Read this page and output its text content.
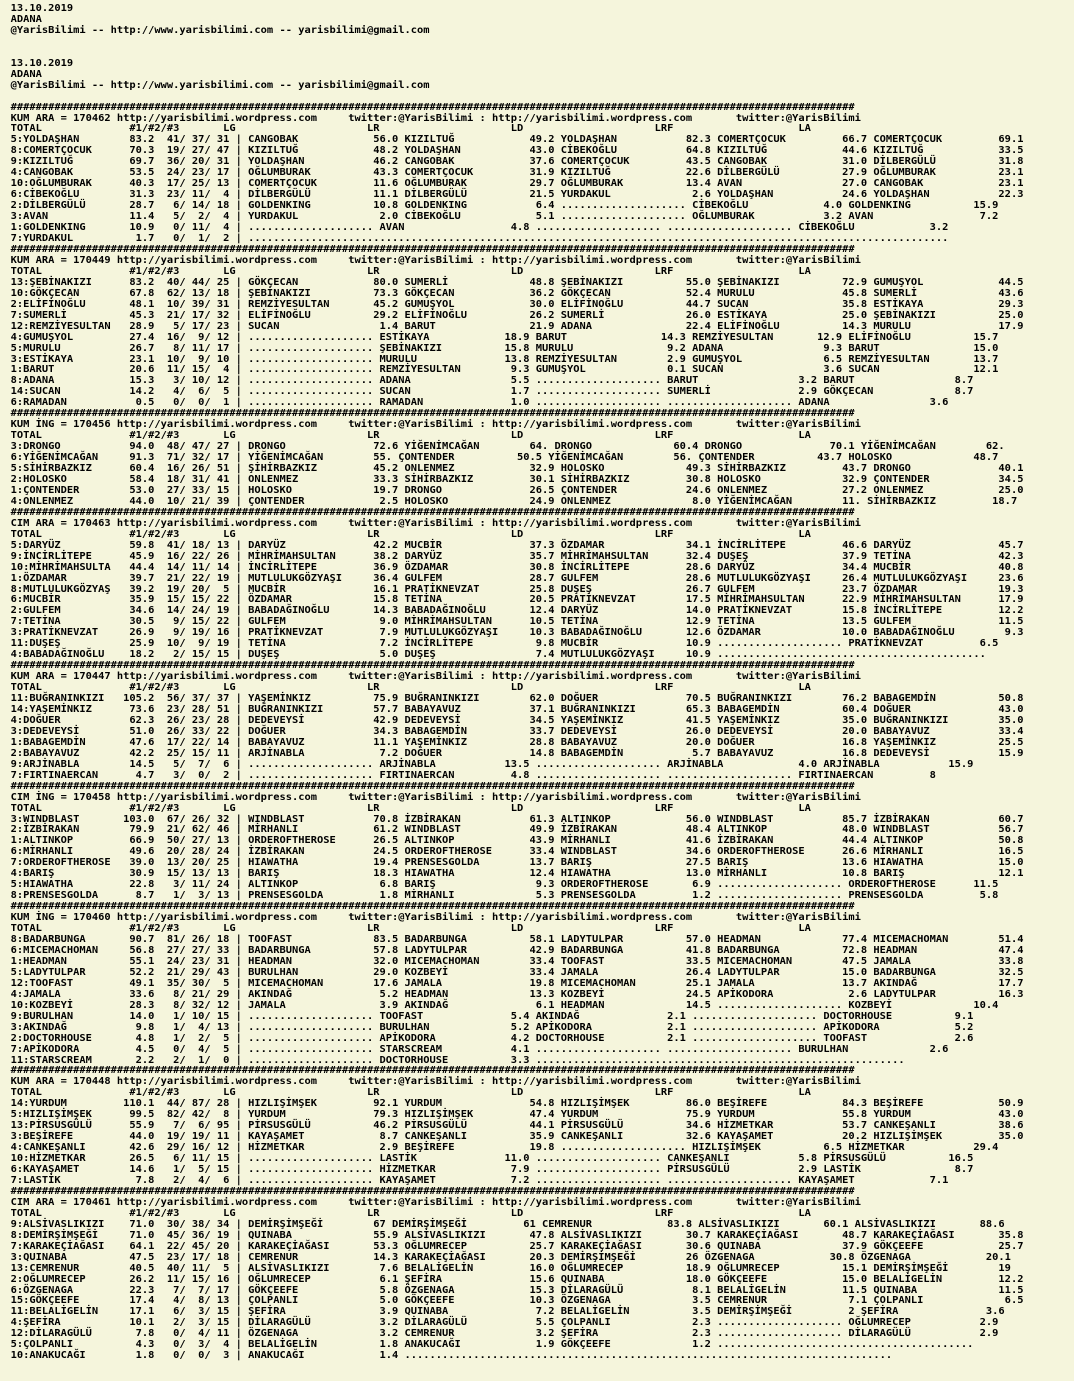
13.10.2019
ADANA
@YarisBilimi -- http://www.yarisbilimi.com -- yarisbilimi@gmail.com

13.10.2019
ADANA
@YarisBilimi -- http://www.yarisbilimi.com -- yarisbilimi@gmail.com

#######################################################################################################################################
KUM ARA = 170462 http://yarisbilimi.wordpress.com     twitter:@YarisBilimi : http://yarisbilimi.wordpress.com       twitter:@YarisBilimi
TOTAL              #1/#2/#3       LG                     LR                     LD                     LRF                    LA
5:YOLDAŞHAN        83.2  41/ 37/ 31 | CANGOBAK            56.0 KIZILTUĞ            49.2 YOLDAŞHAN           82.3 COMERTÇOCUK         66.7 COMERTÇOCUK         69.1
8:COMERTÇOCUK      70.3  19/ 27/ 47 | KIZILTUĞ            48.2 YOLDAŞHAN           43.0 CİBEKOĞLU           64.8 KIZILTUĞ            44.6 KIZILTUĞ            33.5
9:KIZILTUĞ         69.7  36/ 20/ 31 | YOLDAŞHAN           46.2 CANGOBAK            37.6 COMERTÇOCUK         43.5 CANGOBAK            31.0 DİLBERGÜLÜ          31.8
4:CANGOBAK         53.5  24/ 23/ 17 | OĞLUMBURAK          43.3 COMERTÇOCUK         31.9 KIZILTUĞ            22.6 DİLBERGÜLÜ          27.9 OĞLUMBURAK          23.1
10:OĞLUMBURAK      40.3  17/ 25/ 13 | COMERTÇOCUK         11.6 OĞLUMBURAK          29.7 OĞLUMBURAK          13.4 AVAN                27.0 CANGOBAK            23.1
6:CİBEKOĞLU        31.3  23/ 11/  4 | DİLBERGÜLÜ          11.1 DİLBERGÜLÜ          21.5 YURDAKUL             2.6 YOLDAŞHAN           24.6 YOLDAŞHAN           22.3
2:DİLBERGÜLÜ       28.7   6/ 14/ 18 | GOLDENKING          10.8 GOLDENKING           6.4 .................... CİBEKOĞLU            4.0 GOLDENKING          15.9
3:AVAN             11.4   5/  2/  4 | YURDAKUL             2.0 CİBEKOĞLU            5.1 .................... OĞLUMBURAK           3.2 AVAN                 7.2
1:GOLDENKING       10.9   0/ 11/  4 | .................... AVAN                 4.8 .................... .................... CİBEKOĞLU            3.2
7:YURDAKUL          1.7   0/  1/  2 | ................................................................................................................
#######################################################################################################################################
KUM ARA = 170449 http://yarisbilimi.wordpress.com     twitter:@YarisBilimi : http://yarisbilimi.wordpress.com       twitter:@YarisBilimi
TOTAL              #1/#2/#3       LG                     LR                     LD                     LRF                    LA
13:ŞEBİNAKIZI      83.2  40/ 44/ 25 | GÖKÇECAN            80.0 SUMERLİ             48.8 ŞEBİNAKIZI          55.0 ŞEBİNAKIZI          72.9 GUMUŞYOL            44.5
10:GÖKÇECAN        67.8  62/ 13/ 18 | ŞEBİNAKIZI          73.3 GÖKÇECAN            36.2 GÖKÇECAN            52.4 MURULU              45.8 SUMERLİ             43.6
2:ELİFİNOĞLU       48.1  10/ 39/ 31 | REMZİYESULTAN       45.2 GUMUŞYOL            30.0 ELİFİNOĞLU          44.7 SUCAN               35.8 ESTİKAYA            29.3
7:SUMERLİ          45.3  21/ 17/ 32 | ELİFİNOĞLU          29.2 ELİFİNOĞLU          26.2 SUMERLİ             26.0 ESTİKAYA            25.0 ŞEBİNAKIZI          25.0
12:REMZİYESULTAN   28.9   5/ 17/ 23 | SUCAN                1.4 BARUT               21.9 ADANA               22.4 ELİFİNOĞLU          14.3 MURULU              17.9
4:GUMUŞYOL         27.4  16/  9/ 12 | .................... ESTİKAYA            18.9 BARUT               14.3 REMZİYESULTAN       12.9 ELİFİNOĞLU          15.7
5:MURULU           26.7   8/ 11/ 17 | .................... ŞEBİNAKIZI          15.8 MURULU               9.2 ADANA                9.3 BARUT               15.0
3:ESTİKAYA         23.1  10/  9/ 10 | .................... MURULU              13.8 REMZİYESULTAN        2.9 GUMUŞYOL             6.5 REMZİYESULTAN       13.7
1:BARUT            20.6  11/ 15/  4 | .................... REMZİYESULTAN        9.3 GUMUŞYOL             0.1 SUCAN                3.6 SUCAN               12.1
8:ADANA            15.3   3/ 10/ 12 | .................... ADANA                5.5 .................... BARUT                3.2 BARUT                8.7
14:SUCAN           14.2   4/  6/  5 | .................... SUCAN                1.7 .................... SUMERLİ              2.9 GÖKÇECAN             8.7
6:RAMADAN           0.5   0/  0/  1 | .................... RAMADAN              1.0 .................... .................... ADANA                3.6
#######################################################################################################################################
KUM İNG = 170456 http://yarisbilimi.wordpress.com     twitter:@YarisBilimi : http://yarisbilimi.wordpress.com       twitter:@YarisBilimi
TOTAL              #1/#2/#3       LG                     LR                     LD                     LRF                    LA
3:DRONGO           94.0  48/ 47/ 27 | DRONGO              72.6 YİĞENİMCAĞAN        64. DRONGO             60.4 DRONGO              70.1 YİĞENİMCAĞAN        62.
6:YİĞENİMCAĞAN     91.3  71/ 32/ 17 | YİĞENİMCAĞAN        55. ÇONTENDER          50.5 YİĞENİMCAĞAN        56. ÇONTENDER          43.7 HOLOSKO             48.7
5:SİHİRBAZKIZ      60.4  16/ 26/ 51 | ŞİHİRBAZKIZ         45.2 ONLENMEZ            32.9 HOLOSKO             49.3 SİHİRBAZKIZ         43.7 DRONGO              40.1
2:HOLOSKO          58.4  18/ 31/ 41 | ONLENMEZ            33.3 SİHİRBAZKIZ         30.1 SİHİRBAZKIZ         30.8 HOLOSKO             32.9 ÇONTENDER           34.5
1:ÇONTENDER        53.0  27/ 33/ 15 | HOLOSKO             19.7 DRONGO              26.5 ÇONTENDER           24.6 ONLENMEZ            27.2 ONLENMEZ            25.0
4:ONLENMEZ         44.0  10/ 21/ 39 | ÇONTENDER            2.5 HOLOSKO             24.9 ONLENMEZ             8.0 YİĞENİMCAĞAN        11. SİHİRBAZKIZ         18.7
#######################################################################################################################################
CIM ARA = 170463 http://yarisbilimi.wordpress.com     twitter:@YarisBilimi : http://yarisbilimi.wordpress.com       twitter:@YarisBilimi
TOTAL              #1/#2/#3       LG                     LR                     LD                     LRF                    LA
5:DARYÜZ           59.8  41/ 18/ 13 | DARYÜZ              42.2 MUCBİR              37.3 ÖZDAMAR             34.1 İNCİRLİTEPE         46.6 DARYÜZ              45.7
9:İNCİRLİTEPE      45.9  16/ 22/ 26 | MİHRİMAHSULTAN      38.2 DARYÜZ              35.7 MİHRİMAHSULTAN      32.4 DUŞEŞ               37.9 TETİNA              42.3
10:MİHRİMAHSULTA   44.4  14/ 11/ 14 | İNCİRLİTEPE         36.9 ÖZDAMAR             30.8 İNCİRLİTEPE         28.6 DARYÜZ              34.4 MUCBİR              40.8
1:ÖZDAMAR          39.7  21/ 22/ 19 | MUTLULUKGÖZYAŞI     36.4 GULFEM              28.7 GULFEM              28.6 MUTLULUKGÖZYAŞI     26.4 MUTLULUKGÖZYAŞI     23.6
8:MUTLULUKGÖZYAŞ   39.2  19/ 20/  5 | MUCBİR              16.1 PRATİKNEVZAT        25.8 DUŞEŞ               26.7 GULFEM              23.7 ÖZDAMAR             19.3
6:MUCBİR           35.9  15/ 15/ 22 | ÖZDAMAR             15.8 TETİNA              20.5 PRATİKNEVZAT        17.5 MİHRİMAHSULTAN      22.9 MİHRİMAHSULTAN      17.9
2:GULFEM           34.6  14/ 24/ 19 | BABADAĞINOĞLU       14.3 BABADAĞINOĞLU       12.4 DARYÜZ              14.0 PRATİKNEVZAT        15.8 İNCİRLİTEPE         12.2
7:TETİNA           30.5   9/ 15/ 22 | GULFEM               9.0 MİHRİMAHSULTAN      10.5 TETİNA              12.9 TETİNA              13.5 GULFEM              11.5
3:PRATİKNEVZAT     26.9   9/ 19/ 16 | PRATİKNEVZAT         7.9 MUTLULUKGÖZYAŞI     10.3 BABADAĞINOĞLU       12.6 ÖZDAMAR             10.0 BABADAĞINOĞLU        9.3
11:DUŞEŞ           25.9  10/  9/ 19 | TETİNA               7.2 İNCİRLİTEPE          9.8 MUCBİR              10.9 .................... PRATİKNEVZAT         6.5
4:BABADAĞINOĞLU    18.2   2/ 15/ 15 | DUŞEŞ                5.0 DUŞEŞ                7.4 MUTLULUKGÖZYAŞI     10.9 ...........................................
#######################################################################################################################################
KUM ARA = 170447 http://yarisbilimi.wordpress.com     twitter:@YarisBilimi : http://yarisbilimi.wordpress.com       twitter:@YarisBilimi
TOTAL              #1/#2/#3       LG                     LR                     LD                     LRF                    LA
11:BUĞRANINKIZI   105.2  56/ 37/ 37 | YAŞEMİNKIZ          75.9 BUĞRANINKIZI        62.0 DOĞUER              70.5 BUĞRANINKIZI        76.2 BABAGEMDİN          50.8
14:YAŞEMİNKIZ      73.6  23/ 28/ 51 | BUĞRANINKIZI        57.7 BABAYAVUZ           37.1 BUĞRANINKIZI        65.3 BABAGEMDİN          60.4 DOĞUER              43.0
4:DOĞUER           62.3  26/ 23/ 28 | DEDEVEYSİ           42.9 DEDEVEYSİ           34.5 YAŞEMİNKIZ          41.5 YAŞEMİNKIZ          35.0 BUĞRANINKIZI        35.0
3:DEDEVEYSİ        51.0  26/ 33/ 22 | DOĞUER              34.3 BABAGEMDİN          33.7 DEDEVEYSİ           26.0 DEDEVEYSİ           20.0 BABAYAVUZ           33.4
1:BABAGEMDİN       47.6  17/ 22/ 14 | BABAYAVUZ           11.1 YAŞEMİNKIZ          28.8 BABAYAVUZ           20.0 DOĞUER              16.8 YAŞEMİNKIZ          25.5
2:BABAYAVUZ        42.2  25/ 15/ 11 | ARJİNABLA            7.2 DOĞUER              14.8 BABAGEMDİN           5.7 BABAYAVUZ           16.8 DEDEVEYSİ           15.9
9:ARJİNABLA        14.5   5/  7/  6 | .................... ARJİNABLA           13.5 .................... ARJİNABLA            4.0 ARJİNABLA           15.9
7:FIRTINAERCAN      4.7   3/  0/  2 | .................... FIRTINAERCAN         4.8 .................... .................... FIRTINAERCAN         8
#######################################################################################################################################
CIM İNG = 170458 http://yarisbilimi.wordpress.com     twitter:@YarisBilimi : http://yarisbilimi.wordpress.com       twitter:@YarisBilimi
TOTAL              #1/#2/#3       LG                     LR                     LD                     LRF                    LA
3:WINDBLAST       103.0  67/ 26/ 32 | WINDBLAST           70.8 İZBİRAKAN           61.3 ALTINKOP            56.0 WINDBLAST           85.7 İZBİRAKAN           60.7
2:İZBİRAKAN        79.9  21/ 62/ 46 | MİRHANLI            61.2 WINDBLAST           49.9 İZBİRAKAN           48.4 ALTINKOP            48.0 WINDBLAST           56.7
1:ALTINKOP         66.9  50/ 27/ 13 | ORDEROFTHEROSE      26.5 ALTINKOP            43.9 MİRHANLI            41.6 İZBİRAKAN           44.4 ALTINKOP            50.8
6:MİRHANLI         49.6  20/ 28/ 24 | İZBİRAKAN           24.5 ORDEROFTHEROSE      33.4 WINDBLAST           34.6 ORDEROFTHEROSE      26.6 MİRHANLI            16.5
7:ORDEROFTHEROSE   39.0  13/ 20/ 25 | HIAWATHA            19.4 PRENSESGOLDA        13.7 BARIŞ               27.5 BARIŞ               13.6 HIAWATHA            15.0
4:BARIŞ            30.9  15/ 13/ 13 | BARIŞ               18.3 HIAWATHA            12.4 HIAWATHA            13.0 MİRHANLI            10.8 BARIŞ               12.1
5:HIAWATHA         22.8   3/ 11/ 24 | ALTINKOP             6.8 BARIŞ                9.3 ORDEROFTHEROSE       6.9 .................... ORDEROFTHEROSE      11.5
8:PRENSESGOLDA      8.7   1/  3/ 13 | PRENSESGOLDA         1.8 MİRHANLI             5.3 PRENSESGOLDA         1.2 .................... PRENSESGOLDA         5.8
#######################################################################################################################################
KUM İNG = 170460 http://yarisbilimi.wordpress.com     twitter:@YarisBilimi : http://yarisbilimi.wordpress.com       twitter:@YarisBilimi
TOTAL              #1/#2/#3       LG                     LR                     LD                     LRF                    LA
8:BADARBUNGA       90.7  81/ 26/ 18 | TOOFAST             83.5 BADARBUNGA          58.1 LADYTULPAR          57.0 HEADMAN             77.4 MICEMACHOMAN        51.4
6:MICEMACHOMAN     56.8  27/ 27/ 33 | BADARBUNGA          57.8 LADYTULPAR          42.9 BADARBUNGA          41.8 BADARBUNGA          72.8 HEADMAN             47.4
1:HEADMAN          55.1  24/ 23/ 31 | HEADMAN             32.0 MICEMACHOMAN        33.4 TOOFAST             33.5 MICEMACHOMAN        47.5 JAMALA              33.8
5:LADYTULPAR       52.2  21/ 29/ 43 | BURULHAN            29.0 KOZBEYİ             33.4 JAMALA              26.4 LADYTULPAR          15.0 BADARBUNGA          32.5
12:TOOFAST         49.1  35/ 30/  5 | MICEMACHOMAN        17.6 JAMALA              19.8 MICEMACHOMAN        25.1 JAMALA              13.7 AKINDAĞ             17.7
4:JAMALA           33.6   8/ 21/ 29 | AKINDAĞ              5.2 HEADMAN             13.3 KOZBEYİ             24.5 APİKODORA            2.6 LADYTULPAR          16.3
10:KOZBEYİ         28.3   8/ 32/ 12 | JAMALA               3.9 AKINDAĞ              6.1 HEADMAN             14.5 .................... KOZBEYİ             10.4
9:BURULHAN         14.0   1/ 10/ 15 | .................... TOOFAST              5.4 AKINDAĞ              2.1 .................... DOCTORHOUSE          9.1
3:AKINDAĞ           9.8   1/  4/ 13 | .................... BURULHAN             5.2 APİKODORA            2.1 .................... APİKODORA            5.2
2:DOCTORHOUSE       4.8   1/  2/  5 | .................... APİKODORA            4.2 DOCTORHOUSE          2.1 .................... TOOFAST              2.6
7:APİKODORA         4.5   0/  4/  5 | .................... STARSCREAM           4.1 .................... .................... BURULHAN             2.6
11:STARSCREAM       2.2   2/  1/  0 | .................... DOCTORHOUSE          3.3 ...........................................................
#######################################################################################################################################
KUM ARA = 170448 http://yarisbilimi.wordpress.com     twitter:@YarisBilimi : http://yarisbilimi.wordpress.com       twitter:@YarisBilimi
TOTAL              #1/#2/#3       LG                     LR                     LD                     LRF                    LA
14:YURDUM         110.1  44/ 87/ 28 | HIZLIŞİMŞEK         92.1 YURDUM              54.8 HIZLIŞİMŞEK         86.0 BEŞİREFE            84.3 BEŞİREFE            50.9
5:HIZLIŞİMŞEK      99.5  82/ 42/  8 | YURDUM              79.3 HIZLIŞİMŞEK         47.4 YURDUM              75.9 YURDUM              55.8 YURDUM              43.0
13:PİRSUSGÜLÜ      55.9   7/  6/ 95 | PİRSUSGÜLÜ          46.2 PİRSUSGÜLÜ          44.1 PİRSUSGÜLÜ          34.6 HİZMETKAR           53.7 CANKEŞANLI          38.6
3:BEŞİREFE         44.0  19/ 19/ 11 | KAYAŞAMET            8.7 CANKEŞANLI          35.9 CANKEŞANLI          32.6 KAYAŞAMET           20.2 HIZLIŞİMŞEK         35.0
4:CANKEŞANLI       42.6  29/ 16/ 12 | HİZMETKAR            2.9 BEŞİREFE            19.8 .................... HIZLIŞİMŞEK          6.5 HİZMETKAR           29.4
10:HİZMETKAR       26.5   6/ 11/ 15 | .................... LASTİK              11.0 .................... CANKEŞANLI           5.8 PİRSUSGÜLÜ          16.5
6:KAYAŞAMET        14.6   1/  5/ 15 | .................... HİZMETKAR            7.9 .................... PİRSUSGÜLÜ           2.9 LASTİK               8.7
7:LASTİK            7.8   2/  4/  6 | .................... KAYAŞAMET            7.2 .................... .................... KAYAŞAMET            7.1
#######################################################################################################################################
CIM ARA = 170461 http://yarisbilimi.wordpress.com     twitter:@YarisBilimi : http://yarisbilimi.wordpress.com       twitter:@YarisBilimi
TOTAL              #1/#2/#3       LG                     LR                     LD                     LRF                    LA
9:ALSİVASLIKIZI    71.0  30/ 38/ 34 | DEMİRŞİMŞEĞİ        67 DEMİRŞİMŞEĞİ         61 CEMRENUR            83.8 ALSİVASLIKIZI       60.1 ALSİVASLIKIZI       88.6
8:DEMİRŞİMŞEĞİ     71.0  45/ 36/ 19 | QUINABA             55.9 ALSİVASLIKIZI       47.8 ALSİVASLIKIZI       30.7 KARAKEÇİAĞASI       48.7 KARAKEÇİAĞASI       35.8
7:KARAKEÇİAĞASI    64.1  22/ 45/ 20 | KARAKEÇİAĞASI       53.3 OĞLUMRECEP          25.7 KARAKEÇİAĞASI       30.6 QUINABA             37.9 GÖKÇEEFE            25.7
3:QUINABA          47.5  23/ 17/ 18 | CEMRENUR            14.3 KARAKEÇİAĞASI       20.3 DEMİRŞİMŞEĞİ        26 ÖZGENAGA            30.8 ÖZGENAGA            20.1
13:CEMRENUR        40.5  40/ 11/  5 | ALSİVASLIKIZI        7.6 BELALİGELİN         16.0 OĞLUMRECEP          18.9 OĞLUMRECEP          15.1 DEMİRŞİMŞEĞİ        19
2:OĞLUMRECEP       26.2  11/ 15/ 16 | OĞLUMRECEP           6.1 ŞEFİRA              15.6 QUINABA             18.0 GÖKÇEEFE            15.0 BELALİGELİN         12.2
6:ÖZGENAGA         22.3   7/  7/ 17 | GÖKÇEEFE             5.8 ÖZGENAGA            15.3 DİLARAGÜLÜ           8.1 BELALİGELİN         11.5 QUINABA             11.5
15:GÖKÇEEFE        17.4   4/  8/ 13 | ÇOLPANLI             5.0 GÖKÇEEFE            10.3 ÖZGENAGA             3.5 CEMRENUR             7.1 ÇOLPANLI             6.5
11:BELALİGELİN     17.1   6/  3/ 15 | ŞEFİRA               3.9 QUINABA              7.2 BELALİGELİN          3.5 DEMİRŞİMŞEĞİ         2 ŞEFİRA              3.6
4:ŞEFİRA           10.1   2/  3/ 15 | DİLARAGÜLÜ           3.2 DİLARAGÜLÜ           5.5 ÇOLPANLI             2.3 .................... OĞLUMRECEP           2.9
12:DİLARAGÜLÜ       7.8   0/  4/ 11 | ÖZGENAGA             3.2 CEMRENUR             3.2 ŞEFİRA               2.3 .................... DİLARAGÜLÜ           2.9
5:ÇOLPANLI          4.3   0/  3/  4 | BELALİGELİN          1.8 ANAKUCAĞI            1.9 GÖKÇEEFE             1.2 .........................................
10:ANAKUCAĞI        1.8   0/  0/  3 | ANAKUCAĞI            1.4 ..............................................................................
